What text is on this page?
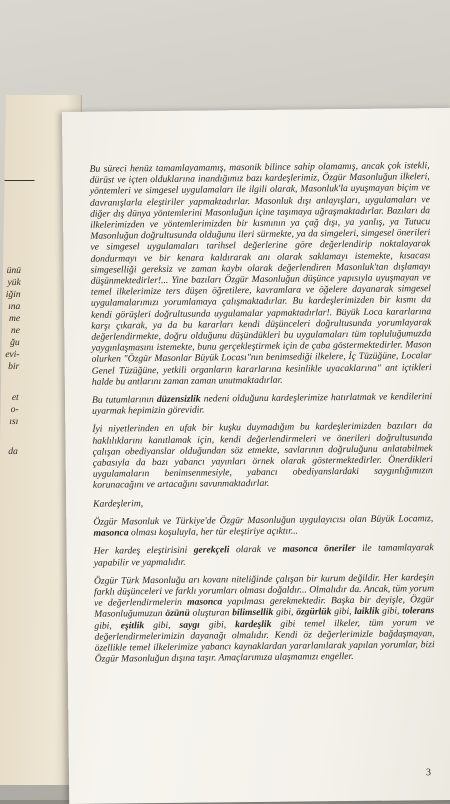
ünü
yük
iğin
ına
me
ne
ğu
evi-
bir
et
o-
ısı
da

Bu süreci henüz tamamlayamamış, masonik bilince sahip olamamış, ancak çok istekli, dürüst ve içten olduklarına inandığımız bazı kardeşlerimiz, Özgür Masonluğun ilkeleri, yöntemleri ve simgesel uygulamaları ile ilgili olarak, Masonluk'la uyuşmayan biçim ve davranışlarla eleştiriler yapmaktadırlar. Masonluk dışı anlayışları, uygulamaları ve diğer dış dünya yöntemlerini Masonluğun içine taşımaya uğraşmaktadırlar. Bazıları da ilkelerimizden ve yöntemlerimizden bir kısmının ya çağ dışı, ya yanlış, ya Tutucu Masonluğun doğrultusunda olduğunu ileri sürmekte, ya da simgeleri, simgesel önerileri ve simgesel uygulamaları tarihsel değerlerine göre değerlendirip noktalayarak dondurmayı ve bir kenara kaldırarak anı olarak saklamayı istemekte, kısacası simgeselliği gereksiz ve zaman kaybı olarak değerlendiren Masonluk'tan dışlamayı düşünmektedirler!... Yine bazıları Özgür Masonluğun düşünce yapısıyla uyuşmayan ve temel ilkelerimize ters düşen öğretilere, kavramlara ve öğelere dayanarak simgesel uygulamalarımızı yorumlamaya çalışmaktadırlar. Bu kardeşlerimizden bir kısmı da kendi görüşleri doğrultusunda uygulamalar yapmaktadırlar!. Büyük Loca kararlarına karşı çıkarak, ya da bu kararları kendi düşünceleri doğrultusunda yorumlayarak değerlendirmekte, doğru olduğunu düşündükleri bu uygulamaları tüm topluluğumuzda yaygınlaşmasını istemekte, bunu gerçekleştirmek için de çaba göstermektedirler. Mason olurken "Özgür Masonlar Büyük Locası"nın benimsediği ilkelere, İç Tüzüğüne, Localar Genel Tüzüğüne, yetkili organların kararlarına kesinlikle uyacaklarına" ant içtikleri halde bu antlarını zaman zaman unutmaktadırlar.

Bu tutumlarının düzensizlik nedeni olduğunu kardeşlerimize hatırlatmak ve kendilerini uyarmak hepimizin görevidir.

İyi niyetlerinden en ufak bir kuşku duymadığım bu kardeşlerimizden bazıları da haklılıklarını kanıtlamak için, kendi değerlendirmeleri ve önerileri doğrultusunda çalışan obediyanslar olduğundan söz etmekte, savlarının doğruluğunu anlatabilmek çabasıyla da bazı yabancı yayınları örnek olarak göstermektedirler. Önerdikleri uygulamaların benimsenmesiyle, yabancı obediyanslardaki saygınlığımızın korunacağını ve artacağını savunmaktadırlar.

Kardeşlerim,

Özgür Masonluk ve Türkiye'de Özgür Masonluğun uygulayıcısı olan Büyük Locamız, masonca olması koşuluyla, her tür eleştiriye açıktır...

Her kardeş eleştirisini gerekçeli olarak ve masonca öneriler ile tamamlayarak yapabilir ve yapmalıdır.

Özgür Türk Masonluğu arı kovanı niteliğinde çalışan bir kurum değildir. Her kardeşin farklı düşünceleri ve farklı yorumları olması doğaldır... Olmalıdır da. Ancak, tüm yorum ve değerlendirmelerin masonca yapılması gerekmektedir. Başka bir deyişle, Özgür Masonluğumuzun özünü oluşturan bilimsellik gibi, özgürlük gibi, laiklik gibi, tolerans gibi, eşitlik gibi, saygı gibi, kardeşlik gibi temel ilkeler, tüm yorum ve değerlendirmelerimizin dayanağı olmalıdır. Kendi öz değerlerimizle bağdaşmayan, özellikle temel ilkelerimize yabancı kaynaklardan yararlanılarak yapılan yorumlar, bizi Özgür Masonluğun dışına taşır. Amaçlarımıza ulaşmamızı engeller.

3
